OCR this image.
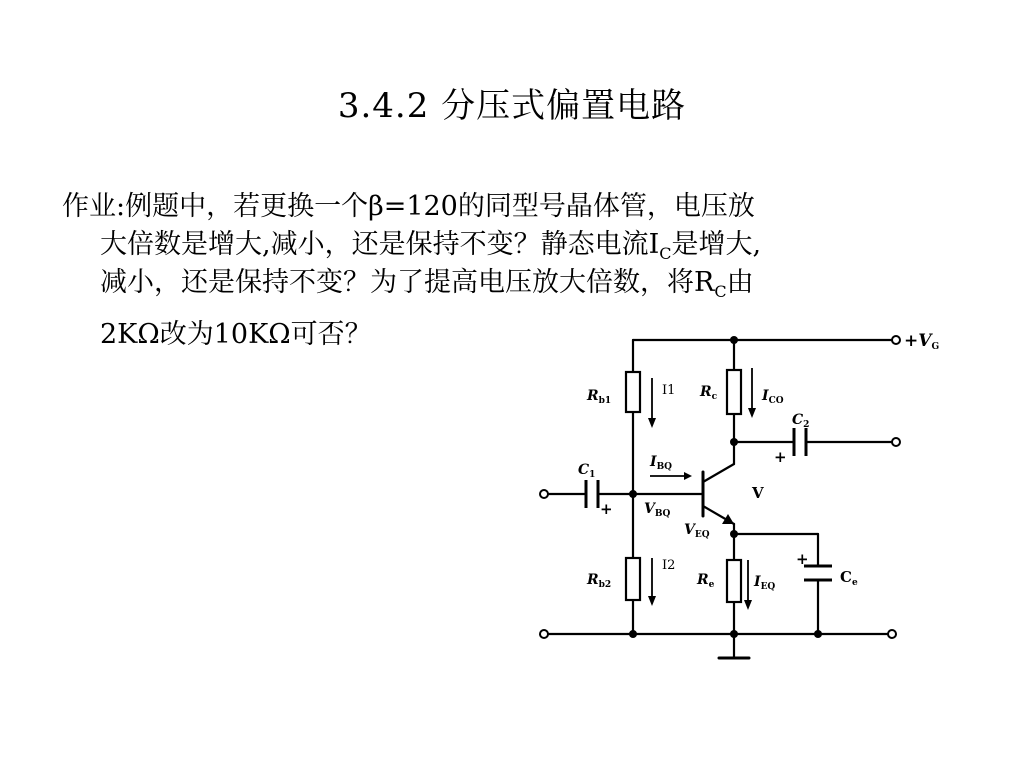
3.4.2 分压式偏置电路
作业:例题中，若更换一个β=120的同型号晶体管，电压放
大倍数是增大,减小，还是保持不变？静态电流$I_C$是增大,
减小，还是保持不变？为了提高电压放大倍数，将$R_C$由
2KΩ改为10KΩ可否？	+VG
$R_{b1}$
$R_{b2}$
$R_c$
$R_e$
I1
I2
$I_{CO}$
$I_{EQ}$
$I_{BQ}$
$V_{BQ}$
$V_{EQ}$
$C_1$
$C_2$
$C_e$
V
+
+
+
